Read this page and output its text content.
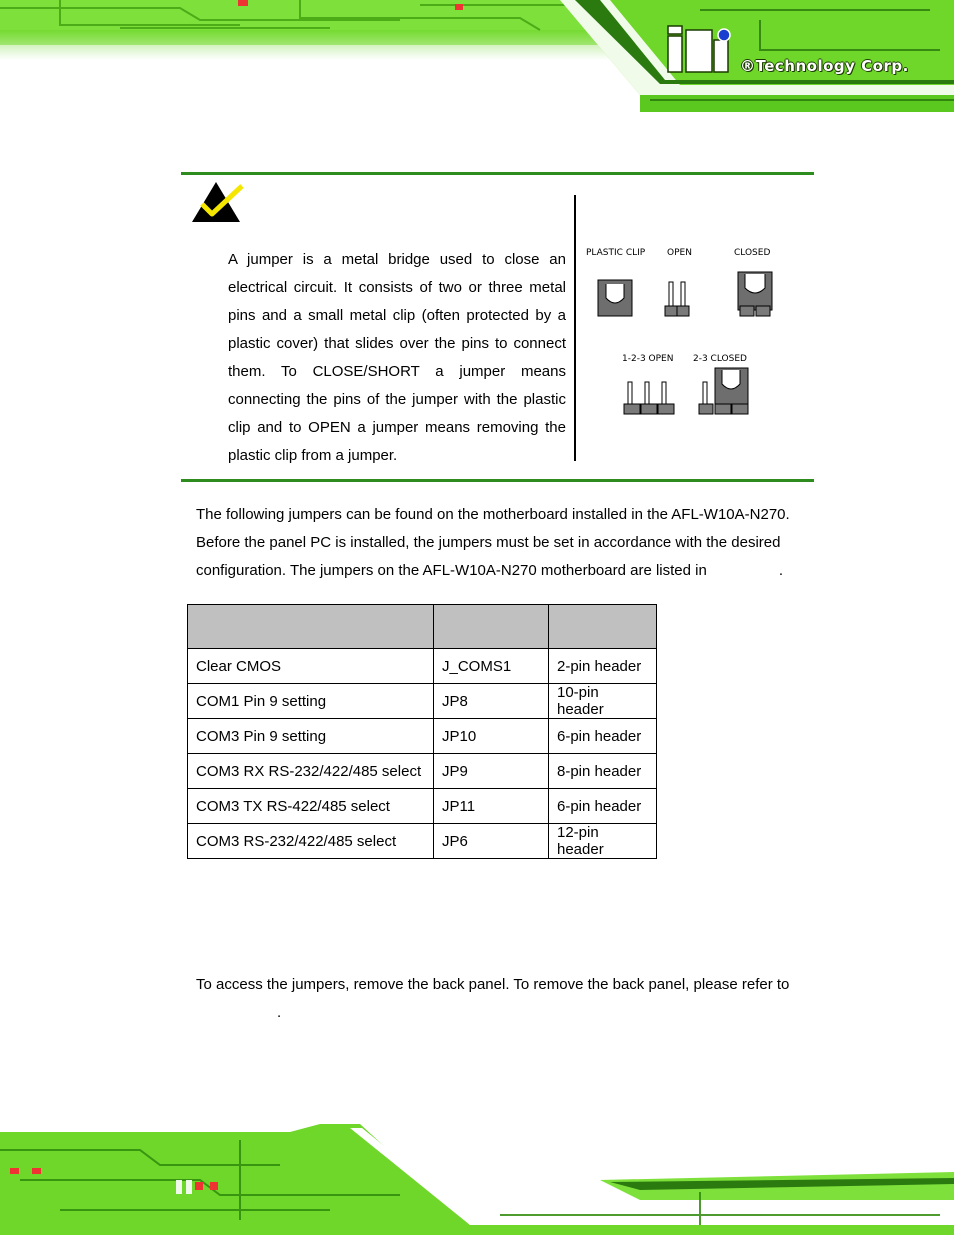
®Technology Corp.
A jumper is a metal bridge used to close an electrical circuit. It consists of two or three metal pins and a small metal clip (often protected by a plastic cover) that slides over the pins to connect them. To CLOSE/SHORT a jumper means connecting the pins of the jumper with the plastic clip and to OPEN a jumper means removing the plastic clip from a jumper.
PLASTIC CLIP OPEN	CLOSED
1-2-3 OPEN 2-3 CLOSED
The following jumpers can be found on the motherboard installed in the AFL-W10A-N270.
Before the panel PC is installed, the jumpers must be set in accordance with the desired
configuration. The jumpers on the AFL-W10A-N270 motherboard are listed in	.

Clear CMOS	J_COMS1	2-pin header
COM1 Pin 9 setting	JP8	10-pin header
COM3 Pin 9 setting	JP10	6-pin header
COM3 RX RS-232/422/485 select	JP9	8-pin header
COM3 TX RS-422/485 select	JP11	6-pin header
COM3 RS-232/422/485 select	JP6	12-pin header
To access the jumpers, remove the back panel. To remove the back panel, please refer to
.
